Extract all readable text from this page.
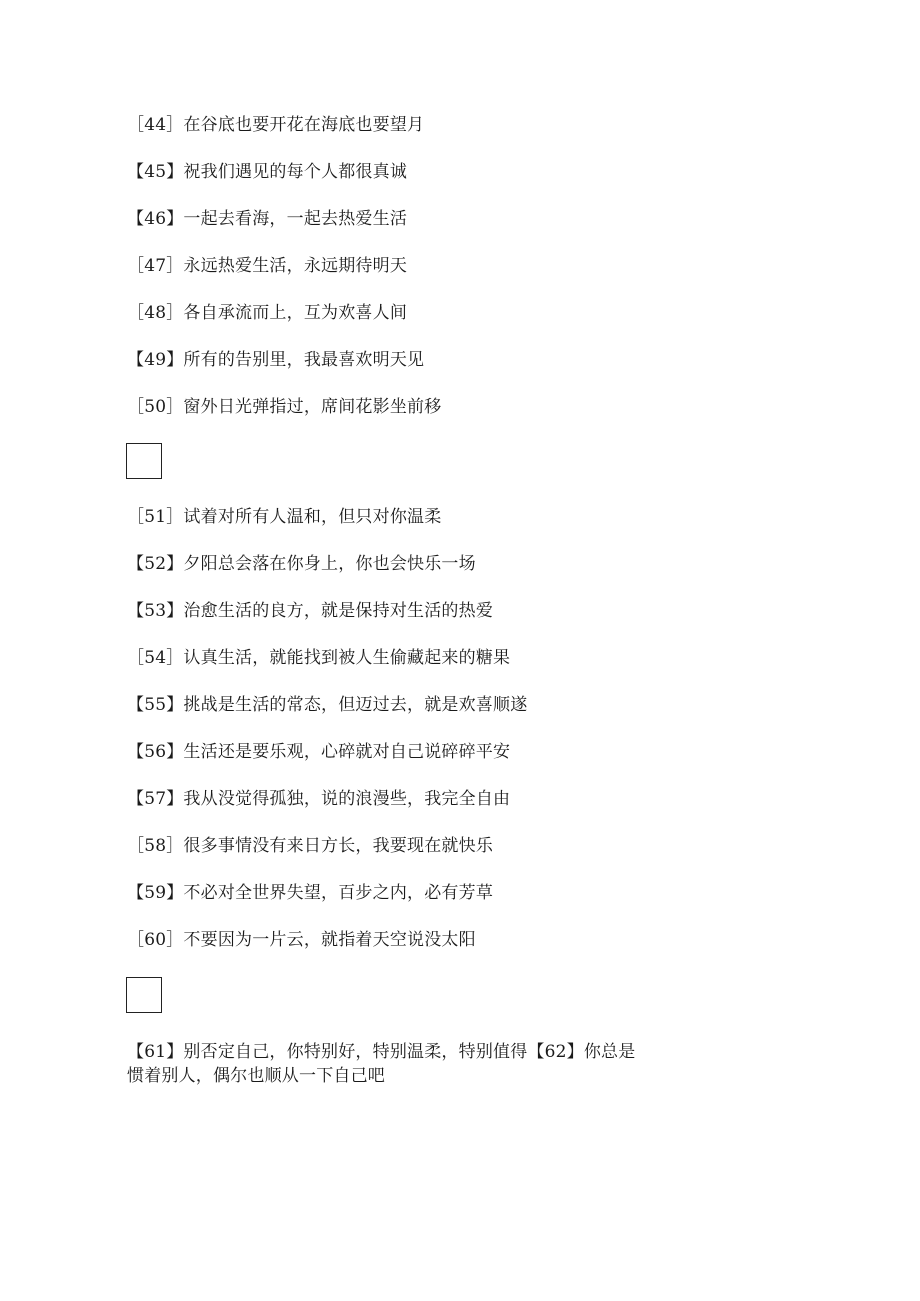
［44］在谷底也要开花在海底也要望月
【45】祝我们遇见的每个人都很真诚
【46】一起去看海，一起去热爱生活
［47］永远热爱生活，永远期待明天
［48］各自承流而上，互为欢喜人间
【49】所有的告别里，我最喜欢明天见
［50］窗外日光弹指过，席间花影坐前移
［51］试着对所有人温和，但只对你温柔
【52】夕阳总会落在你身上，你也会快乐一场
【53】治愈生活的良方，就是保持对生活的热爱
［54］认真生活，就能找到被人生偷藏起来的糖果
【55】挑战是生活的常态，但迈过去，就是欢喜顺遂
【56】生活还是要乐观，心碎就对自己说碎碎平安
【57】我从没觉得孤独，说的浪漫些，我完全自由
［58］很多事情没有来日方长，我要现在就快乐
【59】不必对全世界失望，百步之内，必有芳草
［60］不要因为一片云，就指着天空说没太阳
【61】别否定自己，你特别好，特别温柔，特别值得【62】你总是惯着别人，偶尔也顺从一下自己吧
